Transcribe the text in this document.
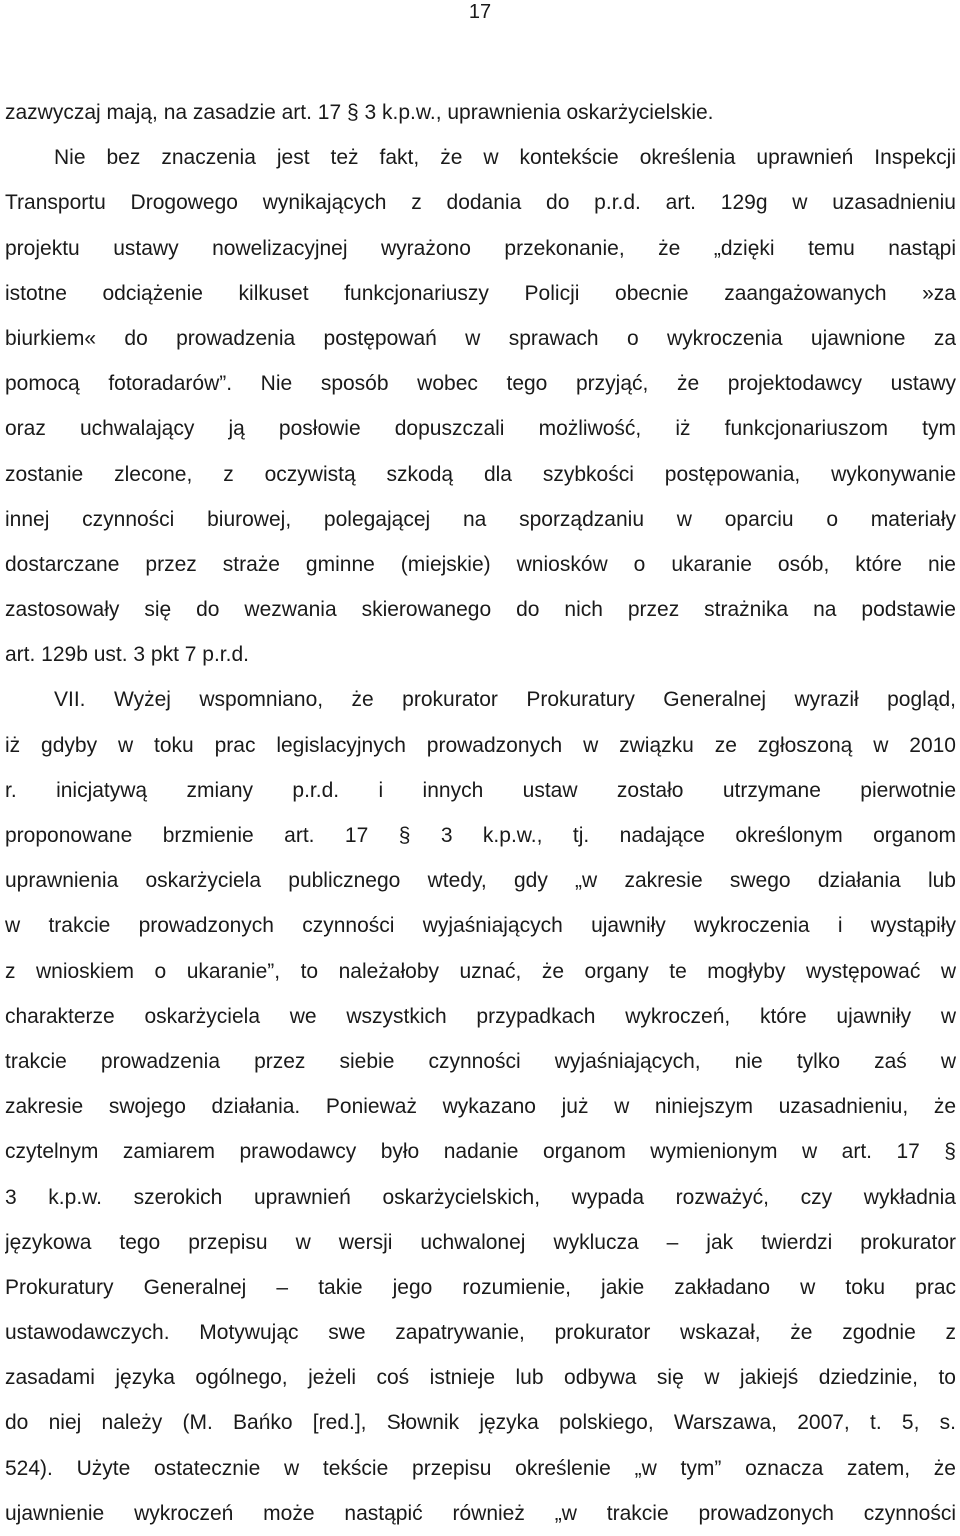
17
zazwyczaj mają, na zasadzie art. 17 § 3 k.p.w., uprawnienia oskarżycielskie.
Nie bez znaczenia jest też fakt, że w kontekście określenia uprawnień Inspekcji
Transportu Drogowego wynikających z dodania do p.r.d. art. 129g w uzasadnieniu
projektu ustawy nowelizacyjnej wyrażono przekonanie, że „dzięki temu nastąpi
istotne odciążenie kilkuset funkcjonariuszy Policji obecnie zaangażowanych »za
biurkiem« do prowadzenia postępowań w sprawach o wykroczenia ujawnione za
pomocą fotoradarów”. Nie sposób wobec tego przyjąć, że projektodawcy ustawy
oraz uchwalający ją posłowie dopuszczali możliwość, iż funkcjonariuszom tym
zostanie zlecone, z oczywistą szkodą dla szybkości postępowania, wykonywanie
innej czynności biurowej, polegającej na sporządzaniu w oparciu o materiały
dostarczane przez straże gminne (miejskie) wniosków o ukaranie osób, które nie
zastosowały się do wezwania skierowanego do nich przez strażnika na podstawie
art. 129b ust. 3 pkt 7 p.r.d.
VII. Wyżej wspomniano, że prokurator Prokuratury Generalnej wyraził pogląd,
iż gdyby w toku prac legislacyjnych prowadzonych w związku ze zgłoszoną w 2010
r. inicjatywą zmiany p.r.d. i innych ustaw zostało utrzymane pierwotnie
proponowane brzmienie art. 17 § 3 k.p.w., tj. nadające określonym organom
uprawnienia oskarżyciela publicznego wtedy, gdy „w zakresie swego działania lub
w trakcie prowadzonych czynności wyjaśniających ujawniły wykroczenia i wystąpiły
z wnioskiem o ukaranie”, to należałoby uznać, że organy te mogłyby występować w
charakterze oskarżyciela we wszystkich przypadkach wykroczeń, które ujawniły w
trakcie prowadzenia przez siebie czynności wyjaśniających, nie tylko zaś w
zakresie swojego działania. Ponieważ wykazano już w niniejszym uzasadnieniu, że
czytelnym zamiarem prawodawcy było nadanie organom wymienionym w art. 17 §
3 k.p.w. szerokich uprawnień oskarżycielskich, wypada rozważyć, czy wykładnia
językowa tego przepisu w wersji uchwalonej wyklucza – jak twierdzi prokurator
Prokuratury Generalnej – takie jego rozumienie, jakie zakładano w toku prac
ustawodawczych. Motywując swe zapatrywanie, prokurator wskazał, że zgodnie z
zasadami języka ogólnego, jeżeli coś istnieje lub odbywa się w jakiejś dziedzinie, to
do niej należy (M. Bańko [red.], Słownik języka polskiego, Warszawa, 2007, t. 5, s.
524). Użyte ostatecznie w tekście przepisu określenie „w tym” oznacza zatem, że
ujawnienie wykroczeń może nastąpić również „w trakcie prowadzonych czynności
